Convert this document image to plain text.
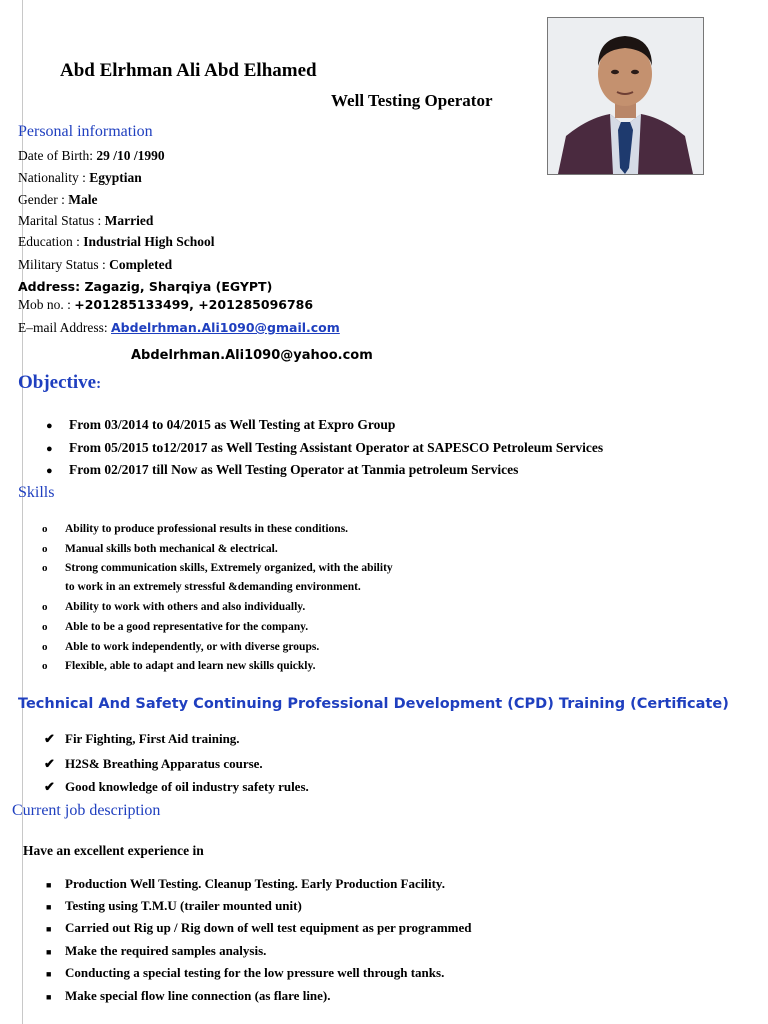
Abd Elrhman Ali Abd Elhamed
Well Testing Operator
Personal information
Date of Birth: 29 /10 /1990
Nationality : Egyptian
Gender : Male
Marital Status : Married
Education : Industrial High School
Military Status : Completed
Address: Zagazig, Sharqiya (EGYPT)
Mob no. : +201285133499, +201285096786
E–mail Address: Abdelrhman.Ali1090@gmail.com
Abdelrhman.Ali1090@yahoo.com
Objective:
● From 03/2014 to 04/2015 as Well Testing at Expro Group
● From 05/2015 to12/2017 as Well Testing Assistant Operator at SAPESCO Petroleum Services
● From 02/2017 till Now as Well Testing Operator at Tanmia petroleum Services
Skills
o Ability to produce professional results in these conditions.
o Manual skills both mechanical & electrical.
o Strong communication skills, Extremely organized, with the ability
to work in an extremely stressful &demanding environment.
o Ability to work with others and also individually.
o Able to be a good representative for the company.
o Able to work independently, or with diverse groups.
o Flexible, able to adapt and learn new skills quickly.
Technical And Safety Continuing Professional Development (CPD) Training (Certificate)
✔ Fir Fighting, First Aid training.
✔ H2S& Breathing Apparatus course.
✔ Good knowledge of oil industry safety rules.
Current job description
Have an excellent experience in
■ Production Well Testing. Cleanup Testing. Early Production Facility.
■ Testing using T.M.U (trailer mounted unit)
■ Carried out Rig up / Rig down of well test equipment as per programmed
■ Make the required samples analysis.
■ Conducting a special testing for the low pressure well through tanks.
■ Make special flow line connection (as flare line).
